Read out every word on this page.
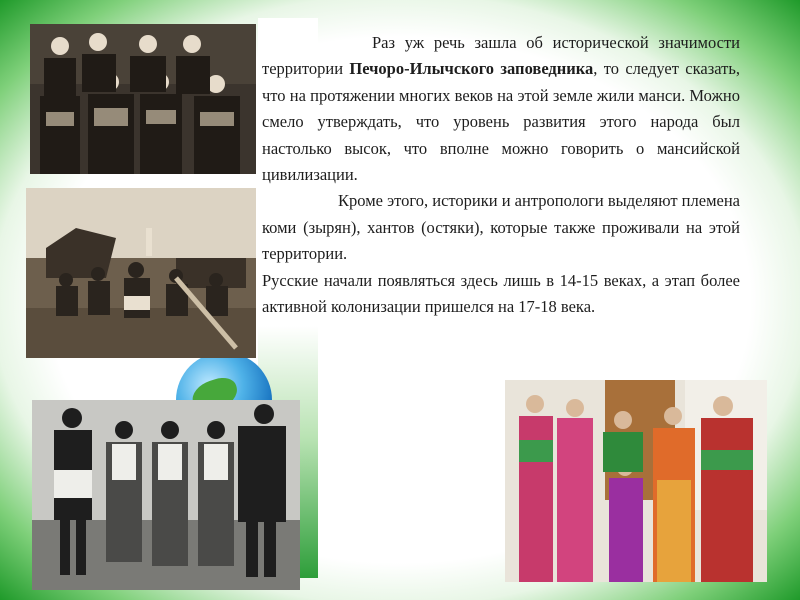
Раз уж речь зашла об исторической значимости территории Печоро-Илычского заповедника, то следует сказать, что на протяжении многих веков на этой земле жили манси. Можно смело утверждать, что уровень развития этого народа был настолько высок, что вполне можно говорить о мансийской цивилизации.

Кроме этого, историки и антропологи выделяют племена коми (зырян), хантов (остяки), которые также проживали на этой территории.

Русские начали появляться здесь лишь в 14-15 веках, а этап более активной колонизации пришелся на 17-18 века.
